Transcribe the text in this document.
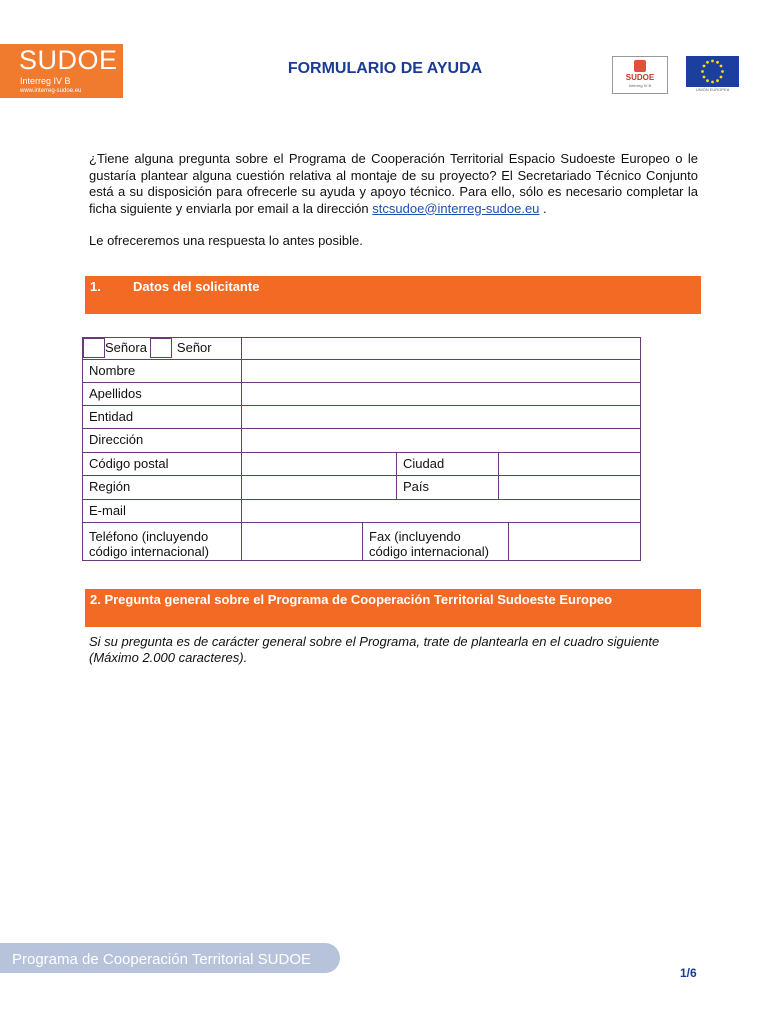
SUDOE
Interreg IV B
www.interreg-sudoe.eu
FORMULARIO DE AYUDA
SUDOE
Interreg IV B
UNIÓN EUROPEA
¿Tiene alguna pregunta sobre el Programa de Cooperación Territorial Espacio Sudoeste Europeo o le gustaría plantear alguna cuestión relativa al montaje de su proyecto? El Secretariado Técnico Conjunto está a su disposición para ofrecerle su ayuda y apoyo técnico. Para ello, sólo es necesario completar la ficha siguiente y enviarla por email a la dirección stcsudoe@interreg-sudoe.eu .
Le ofreceremos una respuesta lo antes posible.
1. Datos del solicitante
Señora Señor
Nombre
Apellidos
Entidad
Dirección
Código postal	Ciudad
Región	País
E-mail
Teléfono (incluyendo
código internacional)
Fax (incluyendo
código internacional)
2. Pregunta general sobre el Programa de Cooperación Territorial Sudoeste Europeo
Si su pregunta es de carácter general sobre el Programa, trate de plantearla en el cuadro siguiente (Máximo 2.000 caracteres).
Programa de Cooperación Territorial SUDOE
1/6
